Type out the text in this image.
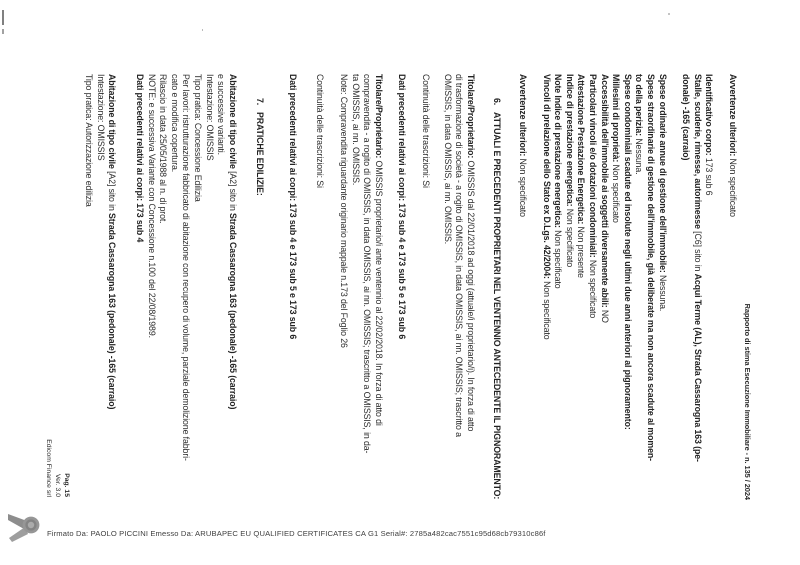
Rapporto di stima Esecuzione Immobiliare - n. 135 / 2024
Avvertenze ulteriori: Non specificato
Identificativo corpo: 173 sub 6
Stalle, scuderie, rimesse, autorimesse [C6] sito in Acqui Terme (AL), Strada Cassarogna 163 (pe-
donale) -165 (carraio)
Spese ordinarie annue di gestione dell'immobile: Nessuna.
Spese straordinarie di gestione dell'immobile, già deliberate ma non ancora scadute al momen-
to della perizia: Nessuna.
Spese condominiali scadute ed insolute negli ultimi due anni anteriori al pignoramento:
Millesimi di proprietà: Non specificato
Accessibilità dell'immobile ai soggetti diversamente abili: NO
Particolari vincoli e/o dotazioni condominiali: Non specificato
Attestazione Prestazione Energetica: Non presente
Indice di prestazione energetica: Non specificato
Note Indice di prestazione energetica: Non specificato
Vincoli di prelazione dello Stato ex D.Lgs. 42/2004: Non specificato
Avvertenze ulteriori: Non specificato
6.ATTUALI E PRECEDENTI PROPRIETARI NEL VENTENNIO ANTECEDENTE IL PIGNORAMENTO:
Titolare/Proprietario: OMISSIS dal 22/01/2018 ad oggi (attuale/i proprietario/i). In forza di atto
di trasformazione di società - a rogito di OMISSIS, in data OMISSIS, ai nn. OMISSIS; trascritto a
OMISSIS, in data OMISSIS, ai nn. OMISSIS.
Continuità delle trascrizioni: Si
Dati precedenti relativi ai corpi: 173 sub 4 e 173 sub 5 e 173 sub 6
Titolare/Proprietario: OMISSIS proprietario/i ante ventennio al 22/02/2018. In forza di atto di
compravendita - a rogito di OMISSIS, in data OMISSIS, ai nn. OMISSIS; trascritto a OMISSIS, in da-
ta OMISSIS, ai nn. OMISSIS.
Note: Compravendita riguardante originario mappale n.173 del Foglio 26
Continuità delle trascrizioni: Si
Dati precedenti relativi ai corpi: 173 sub 4 e 173 sub 5 e 173 sub 6
7.PRATICHE EDILIZIE:
Abitazione di tipo civile [A2] sito in Strada Cassarogna 163 (pedonale) -165 (carraio)
e successive varianti.
Intestazione: OMISSIS
Tipo pratica: Concessione Edilizia
Per lavori: ristrutturazione fabbricato di abitazione con recupero di volume, parziale demolizione fabbri-
cato e modifica copertura.
Rilascio in data 25/05/1988 al n. di prot.
NOTE: e successiva Variante con Concessione n.100 del 22/08/1989.
Dati precedenti relativi ai corpi: 173 sub 4
Abitazione di tipo civile [A2] sito in Strada Cassarogna 163 (pedonale) -165 (carraio)
Intestazione: OMISSIS
Tipo pratica: Autorizzazione edilizia
Pag. 15
Ver. 3.0
Edicom Finance srl
Firmato Da: PAOLO PICCINI Emesso Da: ARUBAPEC EU QUALIFIED CERTIFICATES CA G1 Serial#: 2785a482cac7551c95d68cb79310c86f
